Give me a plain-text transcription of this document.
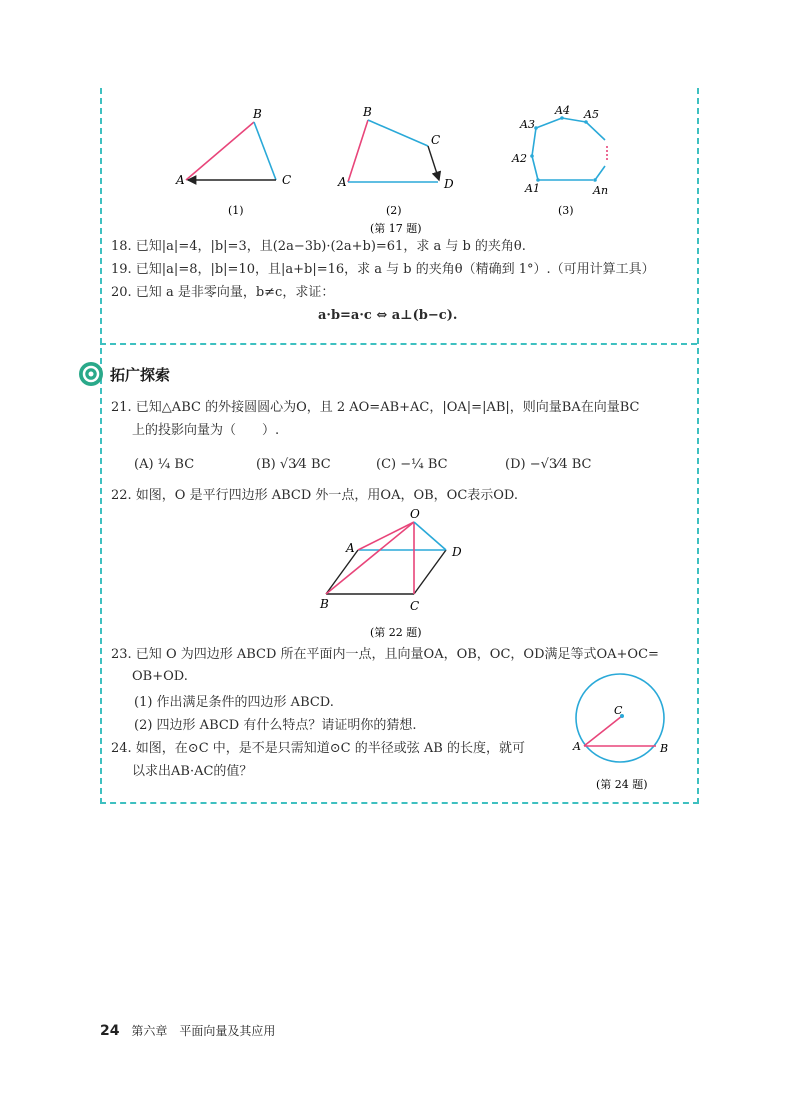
A
B
C
(1)
A
B
C
D
(2)
A1
A2
A3
A4 A5
An
(3)
(第 17 题)
18. 已知|a|=4，|b|=3，且(2a−3b)·(2a+b)=61，求 a 与 b 的夹角θ.
19. 已知|a|=8，|b|=10，且|a+b|=16，求 a 与 b 的夹角θ（精确到 1°）.（可用计算工具）
20. 已知 a 是非零向量，b≠c，求证：
a·b=a·c ⇔ a⊥(b−c).
拓广探索
21. 已知△ABC 的外接圆圆心为O，且 2 AO=AB+AC，|OA|=|AB|，则向量BA在向量BC
上的投影向量为（　　）.
(A) ¼ BC	(B) √3⁄4 BC	(C) −¼ BC	(D) −√3⁄4 BC
22. 如图，O 是平行四边形 ABCD 外一点，用OA，OB，OC表示OD.
O
A
B	C
D
(第 22 题)
23. 已知 O 为四边形 ABCD 所在平面内一点，且向量OA，OB，OC，OD满足等式OA+OC=
OB+OD.
(1) 作出满足条件的四边形 ABCD.
(2) 四边形 ABCD 有什么特点？请证明你的猜想.
24. 如图，在⊙C 中，是不是只需知道⊙C 的半径或弦 AB 的长度，就可
以求出AB·AC的值？
C
A	B
(第 24 题)
24 第六章　平面向量及其应用
